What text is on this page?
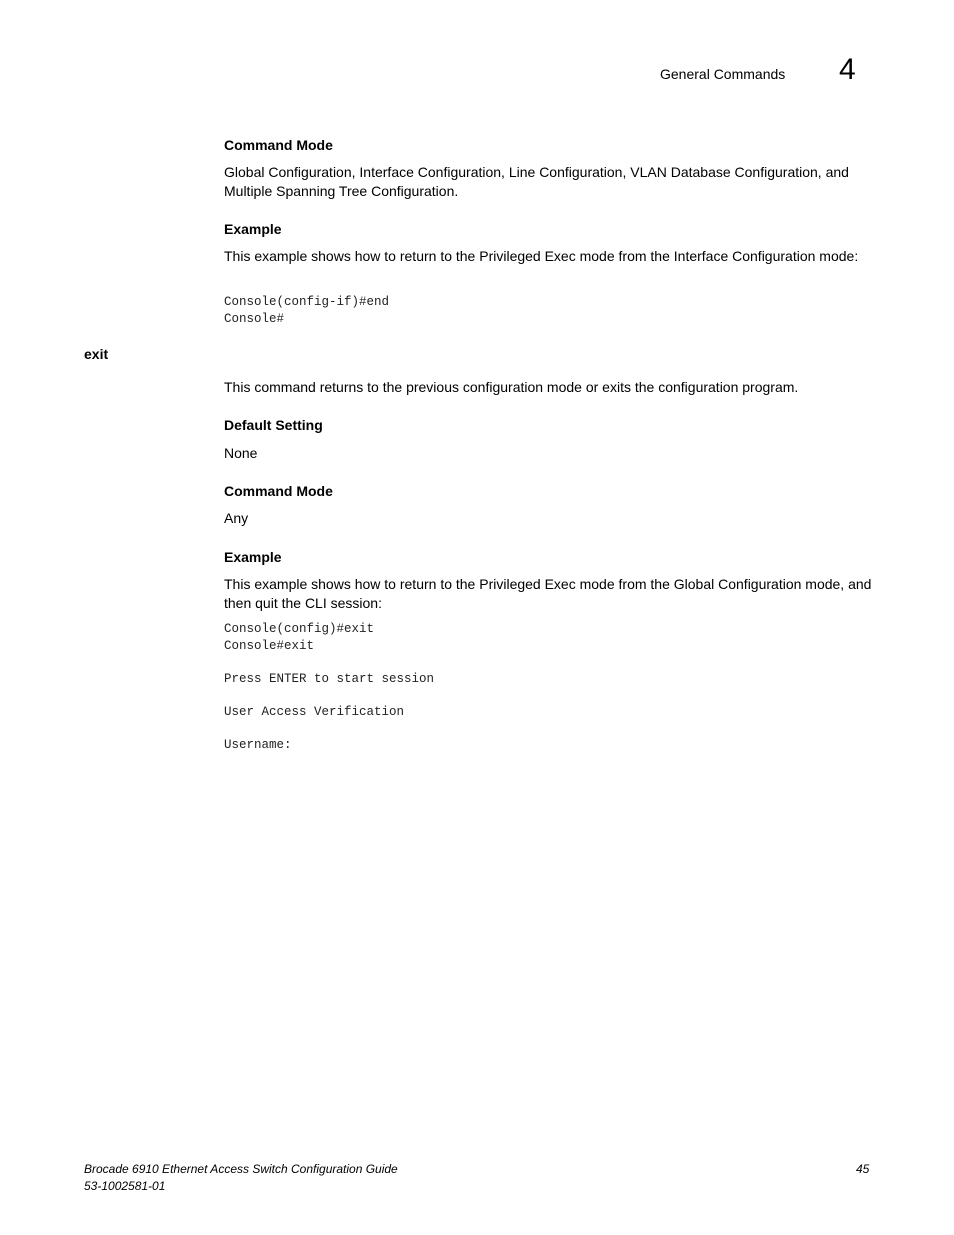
General Commands 4
Command Mode
Global Configuration, Interface Configuration, Line Configuration, VLAN Database Configuration, and Multiple Spanning Tree Configuration.
Example
This example shows how to return to the Privileged Exec mode from the Interface Configuration mode:
Console(config-if)#end
Console#
exit
This command returns to the previous configuration mode or exits the configuration program.
Default Setting
None
Command Mode
Any
Example
This example shows how to return to the Privileged Exec mode from the Global Configuration mode, and then quit the CLI session:
Console(config)#exit
Console#exit

Press ENTER to start session

User Access Verification

Username:
Brocade 6910 Ethernet Access Switch Configuration Guide
53-1002581-01
45
